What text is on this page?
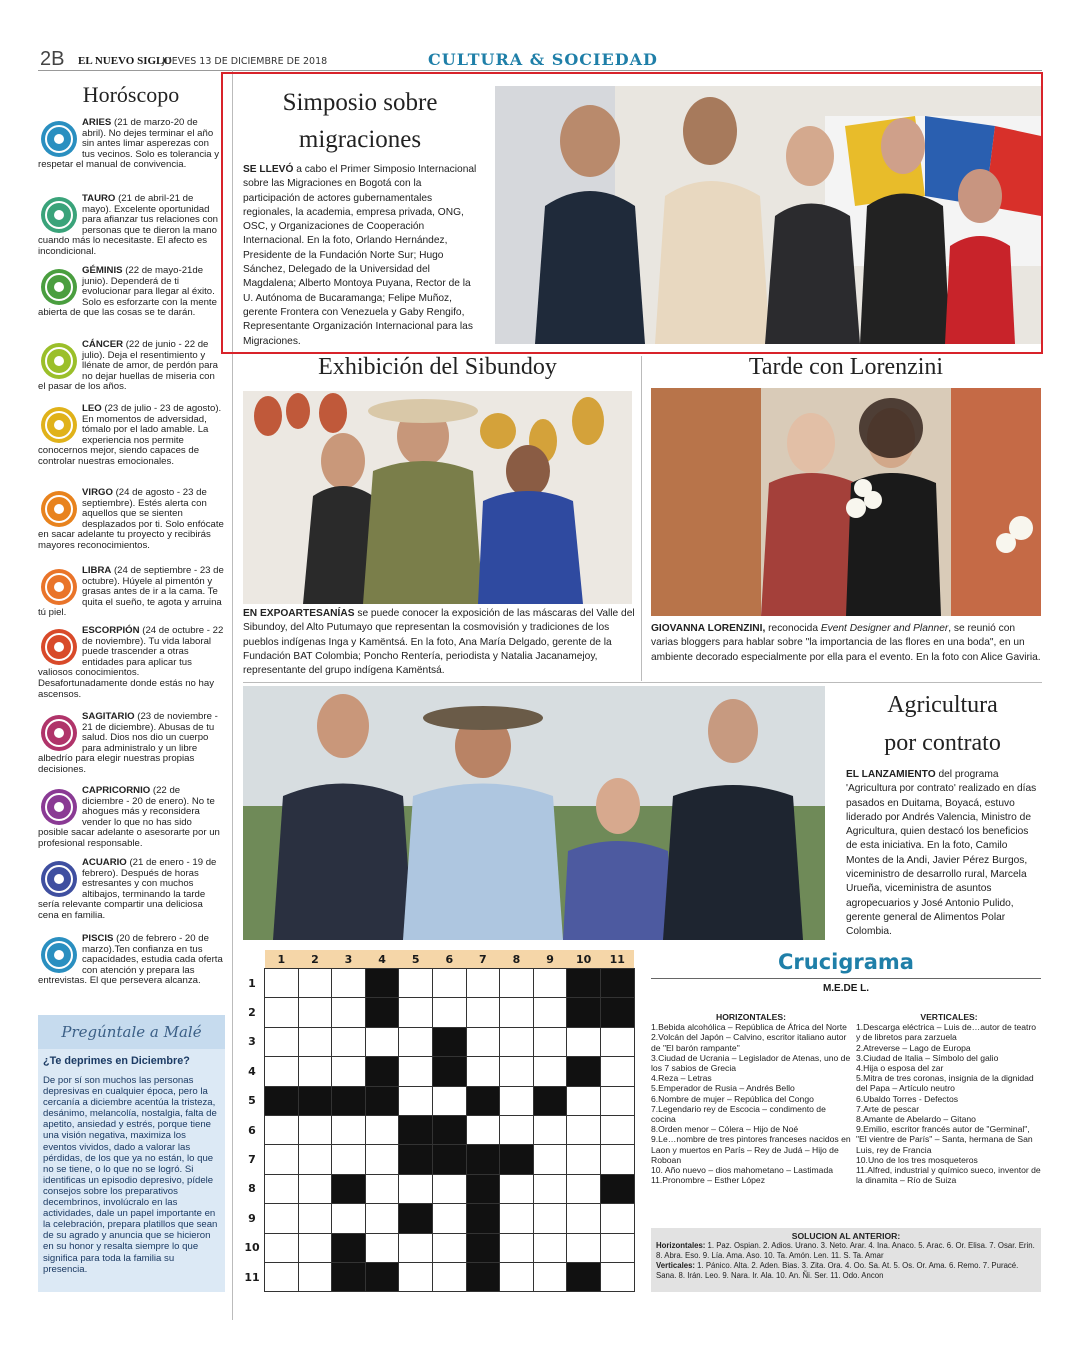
2B EL NUEVO SIGLO
JUEVES 13 DE DICIEMBRE DE 2018	CULTURA & SOCIEDAD
Horóscopo
ARIES (21 de marzo-20 de abril). No dejes terminar el año sin antes limar asperezas con tus vecinos. Solo es tolerancia y respetar el manual de convivencia.
TAURO (21 de abril-21 de mayo). Excelente oportunidad para afianzar tus relaciones con personas que te dieron la mano cuando más lo necesitaste. El afecto es incondicional.
GÉMINIS (22 de mayo-21de junio). Dependerá de ti evolucionar para llegar al éxito. Solo es esforzarte con la mente abierta de que las cosas se te darán.
CÁNCER (22 de junio - 22 de julio). Deja el resentimiento y llénate de amor, de perdón para no dejar huellas de miseria con el pasar de los años.
LEO (23 de julio - 23 de agosto). En momentos de adversidad, tómalo por el lado amable. La experiencia nos permite conocernos mejor, siendo capaces de controlar nuestras emocionales.
VIRGO (24 de agosto - 23 de septiembre). Estés alerta con aquellos que se sienten desplazados por ti. Solo enfócate en sacar adelante tu proyecto y recibirás mayores reconocimientos.
LIBRA (24 de septiembre - 23 de octubre). Húyele al pimentón y grasas antes de ir a la cama. Te quita el sueño, te agota y arruina tú piel.
ESCORPIÓN (24 de octubre - 22 de noviembre). Tu vida laboral puede trascender a otras entidades para aplicar tus valiosos conocimientos. Desafortunadamente donde estás no hay ascensos.
SAGITARIO (23 de noviembre - 21 de diciembre). Abusas de tu salud. Dios nos dio un cuerpo para administralo y un libre albedrío para elegir nuestras propias decisiones.
CAPRICORNIO (22 de diciembre - 20 de enero). No te ahogues más y reconsidera vender lo que no has sido posible sacar adelante o asesorarte por un profesional responsable.
ACUARIO (21 de enero - 19 de febrero). Después de horas estresantes y con muchos altibajos, terminando la tarde sería relevante compartir una deliciosa cena en familia.
PISCIS (20 de febrero - 20 de marzo).Ten confianza en tus capacidades, estudia cada oferta con atención y prepara las entrevistas. El que persevera alcanza.
Pregúntale a Malé
¿Te deprimes en Diciembre?
De por sí son muchos las personas depresivas en cualquier época, pero la cercanía a diciembre acentúa la tristeza, desánimo, melancolía, nostalgia, falta de apetito, ansiedad y estrés, porque tiene una visión negativa, maximiza los eventos vividos, dado a valorar las pérdidas, de los que ya no están, lo que no se tiene, o lo que no se logró. Si identificas un episodio depresivo, pídele consejos sobre los preparativos decembrinos, involúcralo en las actividades, dale un papel importante en la celebración, prepara platillos que sean de su agrado y anuncia que se hicieron en su honor y resalta siempre lo que significa para toda la familia su presencia.
Simposio sobre
migraciones
SE LLEVÓ a cabo el Primer Simposio Internacional sobre las Migraciones en Bogotá con la participación de actores gubernamentales regionales, la academia, empresa privada, ONG, OSC, y Organizaciones de Cooperación Internacional. En la foto, Orlando Hernández, Presidente de la Fundación Norte Sur; Hugo Sánchez, Delegado de la Universidad del Magdalena; Alberto Montoya Puyana, Rector de la U. Autónoma de Bucaramanga; Felipe Muñoz, gerente Frontera con Venezuela y Gaby Rengifo, Representante Organización Internacional para las Migraciones.
Exhibición del Sibundoy
EN EXPOARTESANÍAS se puede conocer la exposición de las máscaras del Valle del Sibundoy, del Alto Putumayo que representan la cosmovisión y tradiciones de los pueblos indígenas Inga y Kamëntsá. En la foto, Ana María Delgado, gerente de la Fundación BAT Colombia; Poncho Rentería, periodista y Natalia Jacanamejoy, representante del grupo indígena Kamëntsá.
Tarde con Lorenzini
GIOVANNA LORENZINI, reconocida Event Designer and Planner, se reunió con varias bloggers para hablar sobre "la importancia de las flores en una boda", en un ambiente decorado especialmente por ella para el evento. En la foto con Alice Gaviria.
Agricultura
por contrato
EL LANZAMIENTO del programa 'Agricultura por contrato' realizado en días pasados en Duitama, Boyacá, estuvo liderado por Andrés Valencia, Ministro de Agricultura, quien destacó los beneficios de esta iniciativa. En la foto, Camilo Montes de la Andi, Javier Pérez Burgos, viceministro de desarrollo rural, Marcela Urueña, viceministra de asuntos agropecuarios y José Antonio Pulido, gerente general de Alimentos Polar Colombia.
	1	2	3	4	5	6	7	8	9	10	11
1											
2											
3											
4											
5											
6											
7											
8											
9											
10											
11											
Crucigrama
M.E.DE L.
HORIZONTALES:
1.Bebida alcohólica – República de África del Norte
2.Volcán del Japón – Calvino, escritor italiano autor de "El barón rampante"
3.Ciudad de Ucrania – Legislador de Atenas, uno de los 7 sabios de Grecia
4.Reza – Letras
5.Emperador de Rusia – Andrés Bello
6.Nombre de mujer – República del Congo
7.Legendario rey de Escocia – condimento de cocina
8.Orden menor – Cólera – Hijo de Noé
9.Le…nombre de tres pintores franceses nacidos en Laon y muertos en París – Rey de Judá – Hijo de Roboan
10. Año nuevo – dios mahometano – Lastimada
11.Pronombre – Esther López
VERTICALES:
1.Descarga eléctrica – Luis de…autor de teatro y de libretos para zarzuela
2.Atreverse – Lago de Europa
3.Ciudad de Italia – Símbolo del galio
4.Hija o esposa del zar
5.Mitra de tres coronas, insignia de la dignidad del Papa – Artículo neutro
6.Ubaldo Torres - Defectos
7.Arte de pescar
8.Amante de Abelardo – Gitano
9.Emilio, escritor francés autor de "Germinal", "El vientre de París" – Santa, hermana de San Luis, rey de Francia
10.Uno de los tres mosqueteros
11.Alfred, industrial y químico sueco, inventor de la dinamita – Río de Suiza
SOLUCION AL ANTERIOR:
Horizontales: 1. Paz. Ospian. 2. Adios. Urano. 3. Neto. Arar. 4. Ina. Anaco. 5. Arac. 6. Or. Elisa. 7. Osar. Erin. 8. Abra. Eso. 9. Lía. Ama. Aso. 10. Ta. Amón. Len. 11. S. Ta. Amar
Verticales: 1. Pánico. Alta. 2. Aden. Bias. 3. Zita. Ora. 4. Oo. Sa. At. 5. Os. Or. Ama. 6. Remo. 7. Puracé. Sana. 8. Irán. Leo. 9. Nara. Ir. Ala. 10. An. Ñi. Ser. 11. Odo. Ancon
